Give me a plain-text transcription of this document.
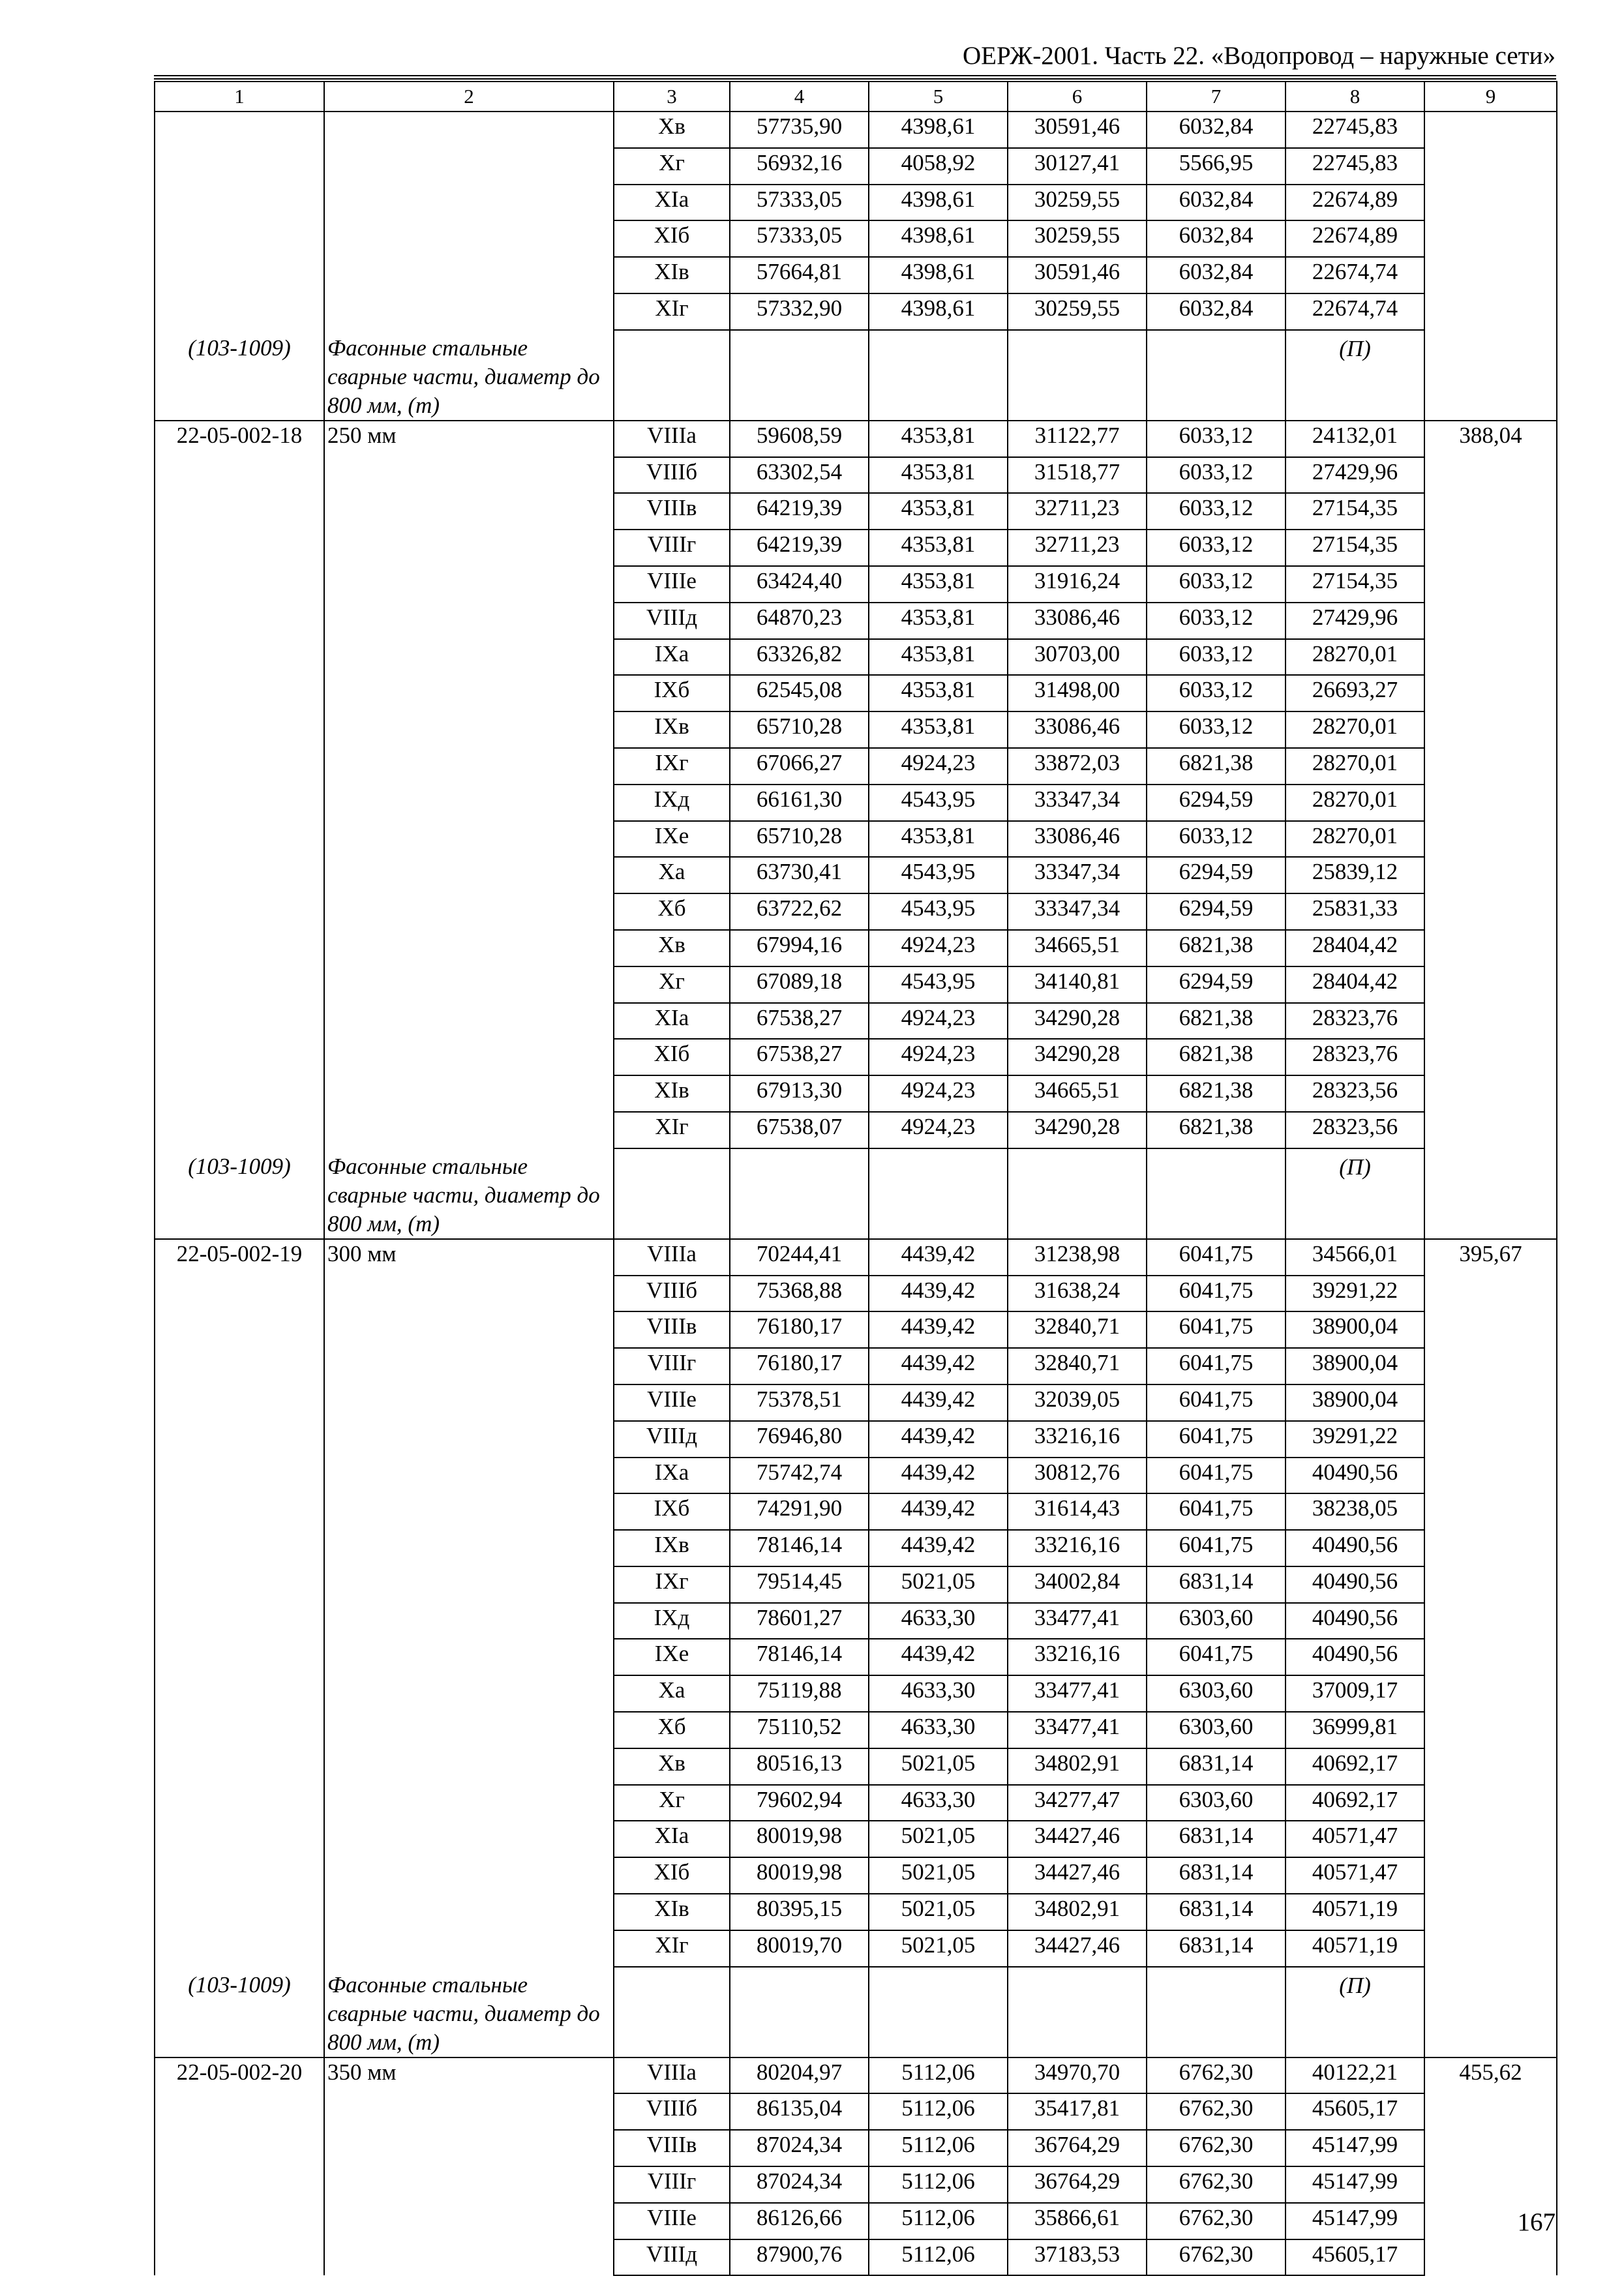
ОЕРЖ-2001. Часть 22. «Водопровод – наружные сети»
1	2	3	4	5	6	7	8	9
		Хв	57735,90	4398,61	30591,46	6032,84	22745,83	
		Хг	56932,16	4058,92	30127,41	5566,95	22745,83	
		XIа	57333,05	4398,61	30259,55	6032,84	22674,89	
		XIб	57333,05	4398,61	30259,55	6032,84	22674,89	
		XIв	57664,81	4398,61	30591,46	6032,84	22674,74	
		XIг	57332,90	4398,61	30259,55	6032,84	22674,74	
(103-1009)	Фасонные стальные сварные части, диаметр до 800 мм, (т)						(П)	
22-05-002-18	250 мм	VIIIа	59608,59	4353,81	31122,77	6033,12	24132,01	388,04
		VIIIб	63302,54	4353,81	31518,77	6033,12	27429,96	
		VIIIв	64219,39	4353,81	32711,23	6033,12	27154,35	
		VIIIг	64219,39	4353,81	32711,23	6033,12	27154,35	
		VIIIе	63424,40	4353,81	31916,24	6033,12	27154,35	
		VIIIд	64870,23	4353,81	33086,46	6033,12	27429,96	
		IXа	63326,82	4353,81	30703,00	6033,12	28270,01	
		IXб	62545,08	4353,81	31498,00	6033,12	26693,27	
		IXв	65710,28	4353,81	33086,46	6033,12	28270,01	
		IXг	67066,27	4924,23	33872,03	6821,38	28270,01	
		IXд	66161,30	4543,95	33347,34	6294,59	28270,01	
		IXе	65710,28	4353,81	33086,46	6033,12	28270,01	
		Ха	63730,41	4543,95	33347,34	6294,59	25839,12	
		Хб	63722,62	4543,95	33347,34	6294,59	25831,33	
		Хв	67994,16	4924,23	34665,51	6821,38	28404,42	
		Хг	67089,18	4543,95	34140,81	6294,59	28404,42	
		XIа	67538,27	4924,23	34290,28	6821,38	28323,76	
		XIб	67538,27	4924,23	34290,28	6821,38	28323,76	
		XIв	67913,30	4924,23	34665,51	6821,38	28323,56	
		XIг	67538,07	4924,23	34290,28	6821,38	28323,56	
(103-1009)	Фасонные стальные сварные части, диаметр до 800 мм, (т)						(П)	
22-05-002-19	300 мм	VIIIа	70244,41	4439,42	31238,98	6041,75	34566,01	395,67
		VIIIб	75368,88	4439,42	31638,24	6041,75	39291,22	
		VIIIв	76180,17	4439,42	32840,71	6041,75	38900,04	
		VIIIг	76180,17	4439,42	32840,71	6041,75	38900,04	
		VIIIе	75378,51	4439,42	32039,05	6041,75	38900,04	
		VIIIд	76946,80	4439,42	33216,16	6041,75	39291,22	
		IXа	75742,74	4439,42	30812,76	6041,75	40490,56	
		IXб	74291,90	4439,42	31614,43	6041,75	38238,05	
		IXв	78146,14	4439,42	33216,16	6041,75	40490,56	
		IXг	79514,45	5021,05	34002,84	6831,14	40490,56	
		IXд	78601,27	4633,30	33477,41	6303,60	40490,56	
		IXе	78146,14	4439,42	33216,16	6041,75	40490,56	
		Ха	75119,88	4633,30	33477,41	6303,60	37009,17	
		Хб	75110,52	4633,30	33477,41	6303,60	36999,81	
		Хв	80516,13	5021,05	34802,91	6831,14	40692,17	
		Хг	79602,94	4633,30	34277,47	6303,60	40692,17	
		XIа	80019,98	5021,05	34427,46	6831,14	40571,47	
		XIб	80019,98	5021,05	34427,46	6831,14	40571,47	
		XIв	80395,15	5021,05	34802,91	6831,14	40571,19	
		XIг	80019,70	5021,05	34427,46	6831,14	40571,19	
(103-1009)	Фасонные стальные сварные части, диаметр до 800 мм, (т)						(П)	
22-05-002-20	350 мм	VIIIа	80204,97	5112,06	34970,70	6762,30	40122,21	455,62
		VIIIб	86135,04	5112,06	35417,81	6762,30	45605,17	
		VIIIв	87024,34	5112,06	36764,29	6762,30	45147,99	
		VIIIг	87024,34	5112,06	36764,29	6762,30	45147,99	
		VIIIе	86126,66	5112,06	35866,61	6762,30	45147,99	
		VIIIд	87900,76	5112,06	37183,53	6762,30	45605,17	
167
